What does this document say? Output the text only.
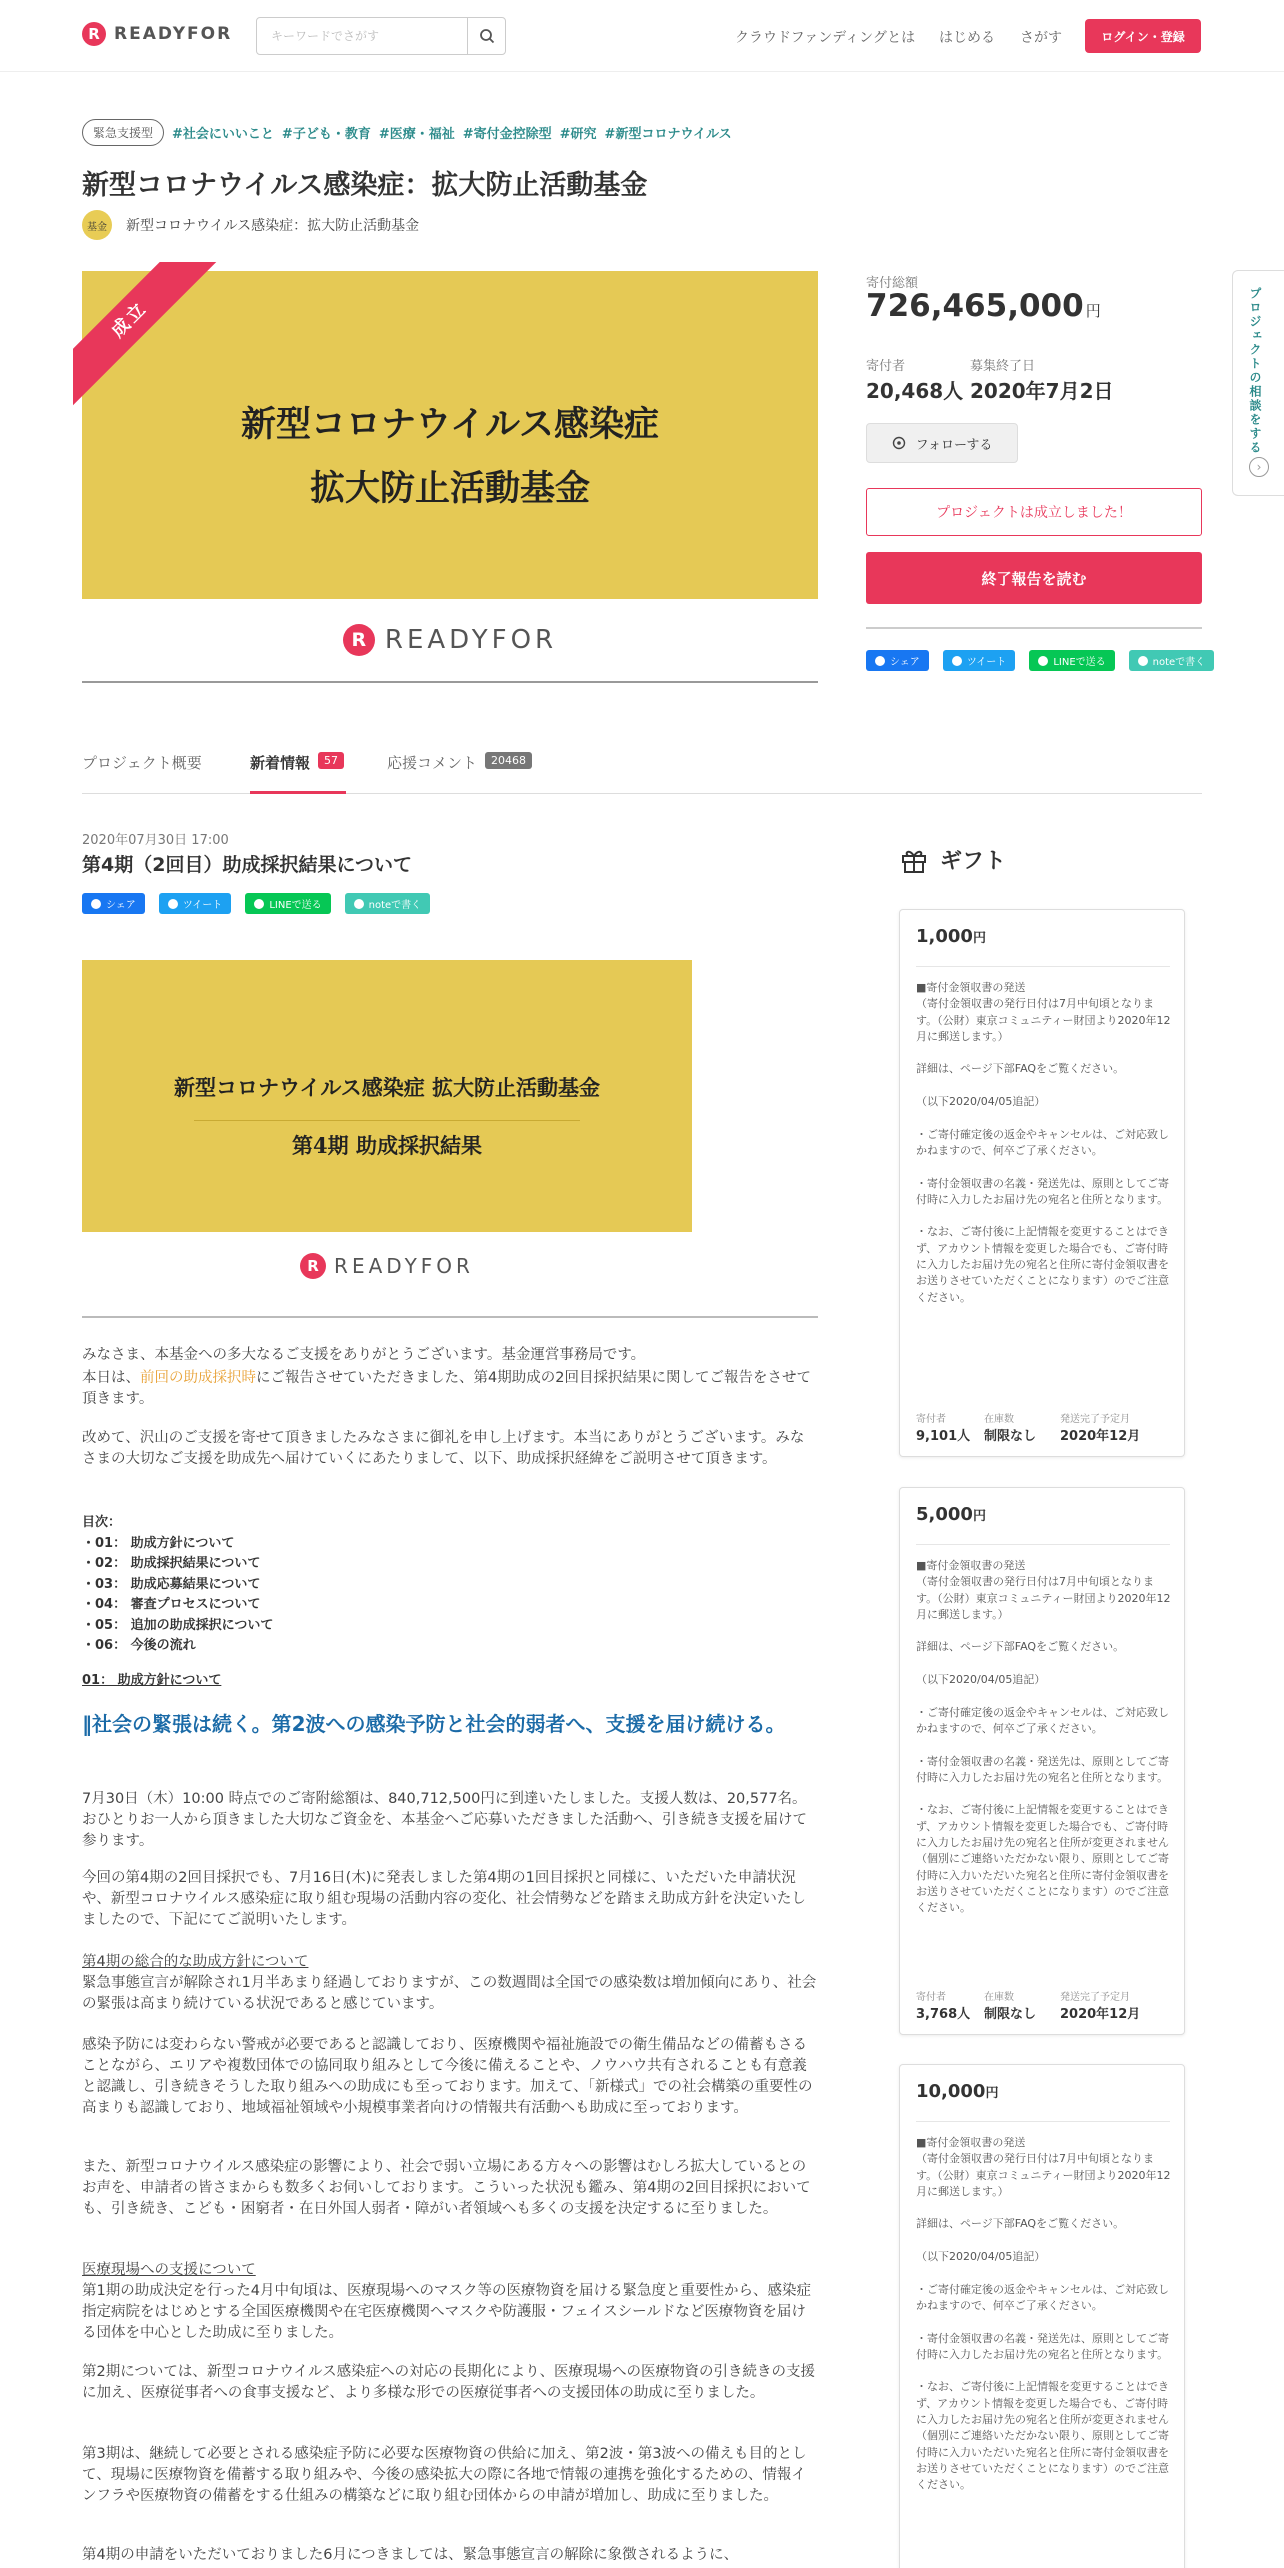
R READYFOR
キーワードでさがす	クラウドファンディングとは はじめる さがす	ログイン・登録
緊急支援型	#社会にいいこと #子ども・教育 #医療・福祉 #寄付金控除型 #研究 #新型コロナウイルス
新型コロナウイルス感染症：拡大防止活動基金
基金	新型コロナウイルス感染症：拡大防止活動基金
新型コロナウイルス感染症
拡大防止活動基金
成立
R READYFOR
寄付総額
726,465,000 円
寄付者
20,468人
募集終了日
2020年7月2日
フォローする
プロジェクトは成立しました！
終了報告を読む
シェア	ツイート	LINEで送る	noteで書く
プロジェクトの相談をする
›
プロジェクト概要	新着情報	57	応援コメント	20468
2020年07月30日 17:00
第4期（2回目）助成採択結果について
シェア	ツイート	LINEで送る	noteで書く
新型コロナウイルス感染症 拡大防止活動基金
第4期 助成採択結果
R READYFOR

みなさま、本基金への多大なるご支援をありがとうございます。基金運営事務局です。

本日は、前回の助成採択時にご報告させていただきました、第4期助成の2回目採択結果に関してご報告をさせて頂きます。

改めて、沢山のご支援を寄せて頂きましたみなさまに御礼を申し上げます。本当にありがとうございます。みなさまの大切なご支援を助成先へ届けていくにあたりまして、以下、助成採択経緯をご説明させて頂きます。

目次：
・01： 助成方針について
・02： 助成採択結果について
・03： 助成応募結果について
・04： 審査プロセスについて
・05： 追加の助成採択について
・06： 今後の流れ
01： 助成方針について
‖社会の緊張は続く。第2波への感染予防と社会的弱者へ、支援を届け続ける。

7月30日（木）10:00 時点でのご寄附総額は、840,712,500円に到達いたしました。支援人数は、20,577名。おひとりお一人から頂きました大切なご資金を、本基金へご応募いただきました活動へ、引き続き支援を届けて参ります。

今回の第4期の2回目採択でも、7月16日(木)に発表しました第4期の1回目採択と同様に、いただいた申請状況や、新型コロナウイルス感染症に取り組む現場の活動内容の変化、社会情勢などを踏まえ助成方針を決定いたしましたので、下記にてご説明いたします。

第4期の総合的な助成方針について

緊急事態宣言が解除され1月半あまり経過しておりますが、この数週間は全国での感染数は増加傾向にあり、社会の緊張は高まり続けている状況であると感じています。

感染予防には変わらない警戒が必要であると認識しており、医療機関や福祉施設での衛生備品などの備蓄もさることながら、エリアや複数団体での協同取り組みとして今後に備えることや、ノウハウ共有されることも有意義と認識し、引き続きそうした取り組みへの助成にも至っております。加えて、「新様式」での社会構築の重要性の高まりも認識しており、地域福祉領域や小規模事業者向けの情報共有活動へも助成に至っております。

また、新型コロナウイルス感染症の影響により、社会で弱い立場にある方々への影響はむしろ拡大しているとのお声を、申請者の皆さまからも数多くお伺いしております。こういった状況も鑑み、第4期の2回目採択においても、引き続き、こども・困窮者・在日外国人弱者・障がい者領域へも多くの支援を決定するに至りました。

医療現場への支援について

第1期の助成決定を行った4月中旬頃は、医療現場へのマスク等の医療物資を届ける緊急度と重要性から、感染症指定病院をはじめとする全国医療機関や在宅医療機関へマスクや防護服・フェイスシールドなど医療物資を届ける団体を中心とした助成に至りました。

第2期については、新型コロナウイルス感染症への対応の長期化により、医療現場への医療物資の引き続きの支援に加え、医療従事者への食事支援など、より多様な形での医療従事者への支援団体の助成に至りました。

第3期は、継続して必要とされる感染症予防に必要な医療物資の供給に加え、第2波・第3波への備えも目的として、現場に医療物資を備蓄する取り組みや、今後の感染拡大の際に各地で情報の連携を強化するための、情報インフラや医療物資の備蓄をする仕組みの構築などに取り組む団体からの申請が増加し、助成に至りました。

第4期の申請をいただいておりました6月につきましては、緊急事態宣言の解除に象徴されるように、

ギフト
1,000円
■寄付金領収書の発送
（寄付金領収書の発行日付は7月中旬頃となります。（公財）東京コミュニティー財団より2020年12月に郵送します。）

詳細は、ページ下部FAQをご覧ください。

（以下2020/04/05追記）

・ご寄付確定後の返金やキャンセルは、ご対応致しかねますので、何卒ご了承ください。

・寄付金領収書の名義・発送先は、原則としてご寄付時に入力したお届け先の宛名と住所となります。

・なお、ご寄付後に上記情報を変更することはできず、アカウント情報を変更した場合でも、ご寄付時に入力したお届け先の宛名と住所に寄付金領収書をお送りさせていただくことになります）のでご注意ください。
寄付者
9,101人
在庫数
制限なし
発送完了予定月
2020年12月
5,000円
■寄付金領収書の発送
（寄付金領収書の発行日付は7月中旬頃となります。（公財）東京コミュニティー財団より2020年12月に郵送します。）

詳細は、ページ下部FAQをご覧ください。

（以下2020/04/05追記）

・ご寄付確定後の返金やキャンセルは、ご対応致しかねますので、何卒ご了承ください。

・寄付金領収書の名義・発送先は、原則としてご寄付時に入力したお届け先の宛名と住所となります。

・なお、ご寄付後に上記情報を変更することはできず、アカウント情報を変更した場合でも、ご寄付時に入力したお届け先の宛名と住所が変更されません（個別にご連絡いただかない限り、原則としてご寄付時に入力いただいた宛名と住所に寄付金領収書をお送りさせていただくことになります）のでご注意ください。
寄付者
3,768人
在庫数
制限なし
発送完了予定月
2020年12月
10,000円
■寄付金領収書の発送
（寄付金領収書の発行日付は7月中旬頃となります。（公財）東京コミュニティー財団より2020年12月に郵送します。）

詳細は、ページ下部FAQをご覧ください。

（以下2020/04/05追記）

・ご寄付確定後の返金やキャンセルは、ご対応致しかねますので、何卒ご了承ください。

・寄付金領収書の名義・発送先は、原則としてご寄付時に入力したお届け先の宛名と住所となります。

・なお、ご寄付後に上記情報を変更することはできず、アカウント情報を変更した場合でも、ご寄付時に入力したお届け先の宛名と住所が変更されません（個別にご連絡いただかない限り、原則としてご寄付時に入力いただいた宛名と住所に寄付金領収書をお送りさせていただくことになります）のでご注意ください。
